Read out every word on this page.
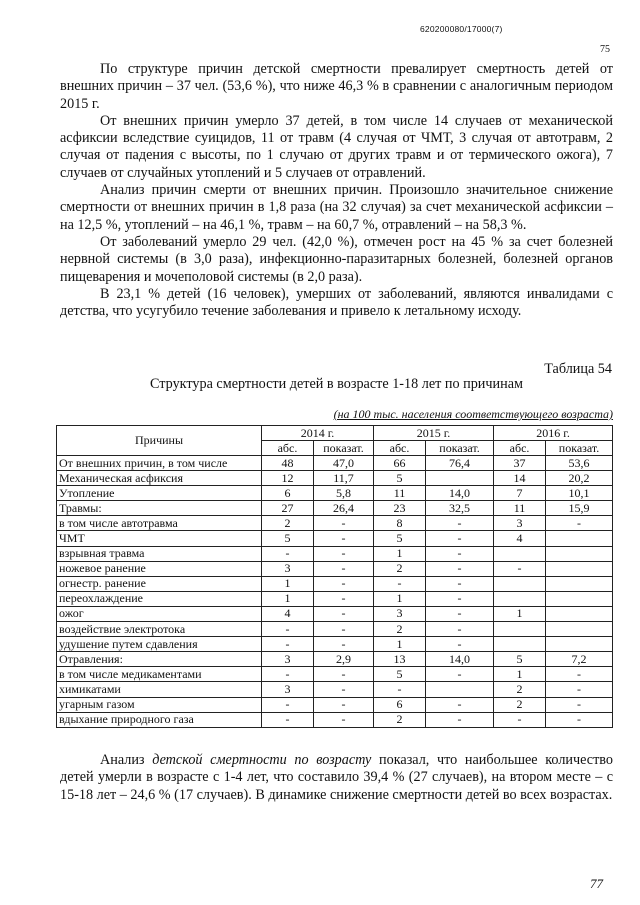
620200080/17000(7)
75

По структуре причин детской смертности превалирует смертность детей от внешних причин – 37 чел. (53,6 %), что ниже 46,3 % в сравнении с аналогичным периодом 2015 г.

От внешних причин умерло 37 детей, в том числе 14 случаев от механической асфиксии вследствие суицидов, 11 от травм (4 случая от ЧМТ, 3 случая от автотравм, 2 случая от падения с высоты, по 1 случаю от других травм и от термического ожога), 7 случаев от случайных утоплений и 5 случаев от отравлений.

Анализ причин смерти от внешних причин. Произошло значительное снижение смертности от внешних причин в 1,8 раза (на 32 случая) за счет механической асфиксии – на 12,5 %, утоплений – на 46,1 %, травм – на 60,7 %, отравлений – на 58,3 %.

От заболеваний умерло 29 чел. (42,0 %), отмечен рост на 45 % за счет болезней нервной системы (в 3,0 раза), инфекционно-паразитарных болезней, болезней органов пищеварения и мочеполовой системы (в 2,0 раза).

В 23,1 % детей (16 человек), умерших от заболеваний, являются инвалидами с детства, что усугубило течение заболевания и привело к летальному исходу.

Таблица 54
Структура смертности детей в возрасте 1-18 лет по причинам
(на 100 тыс. населения соответствующего возраста)
Причины	2014 г.		2015 г.		2016 г.	
	абс.	показат.	абс.	показат.	абс.	показат.
От внешних причин, в том числе	48	47,0	66	76,4	37	53,6
Механическая асфиксия	12	11,7	5		14	20,2
Утопление	6	5,8	11	14,0	7	10,1
Травмы:	27	26,4	23	32,5	11	15,9
в том числе автотравма	2	-	8	-	3	-
ЧМТ	5	-	5	-	4	
взрывная травма	-	-	1	-		
ножевое ранение	3	-	2	-	-	
огнестр. ранение	1	-	-	-		
переохлаждение	1	-	1	-		
ожог	4	-	3	-	1	
воздействие электротока	-	-	2	-		
удушение путем сдавления	-	-	1	-		
Отравления:	3	2,9	13	14,0	5	7,2
в том числе медикаментами	-	-	5	-	1	-
химикатами	3	-	-		2	-
угарным газом	-	-	6	-	2	-
вдыхание природного газа	-	-	2	-	-	-

Анализ детской смертности по возрасту показал, что наибольшее количество детей умерли в возрасте с 1-4 лет, что составило 39,4 % (27 случаев), на втором месте – с 15-18 лет – 24,6 % (17 случаев). В динамике снижение смертности детей во всех возрастах.

77
